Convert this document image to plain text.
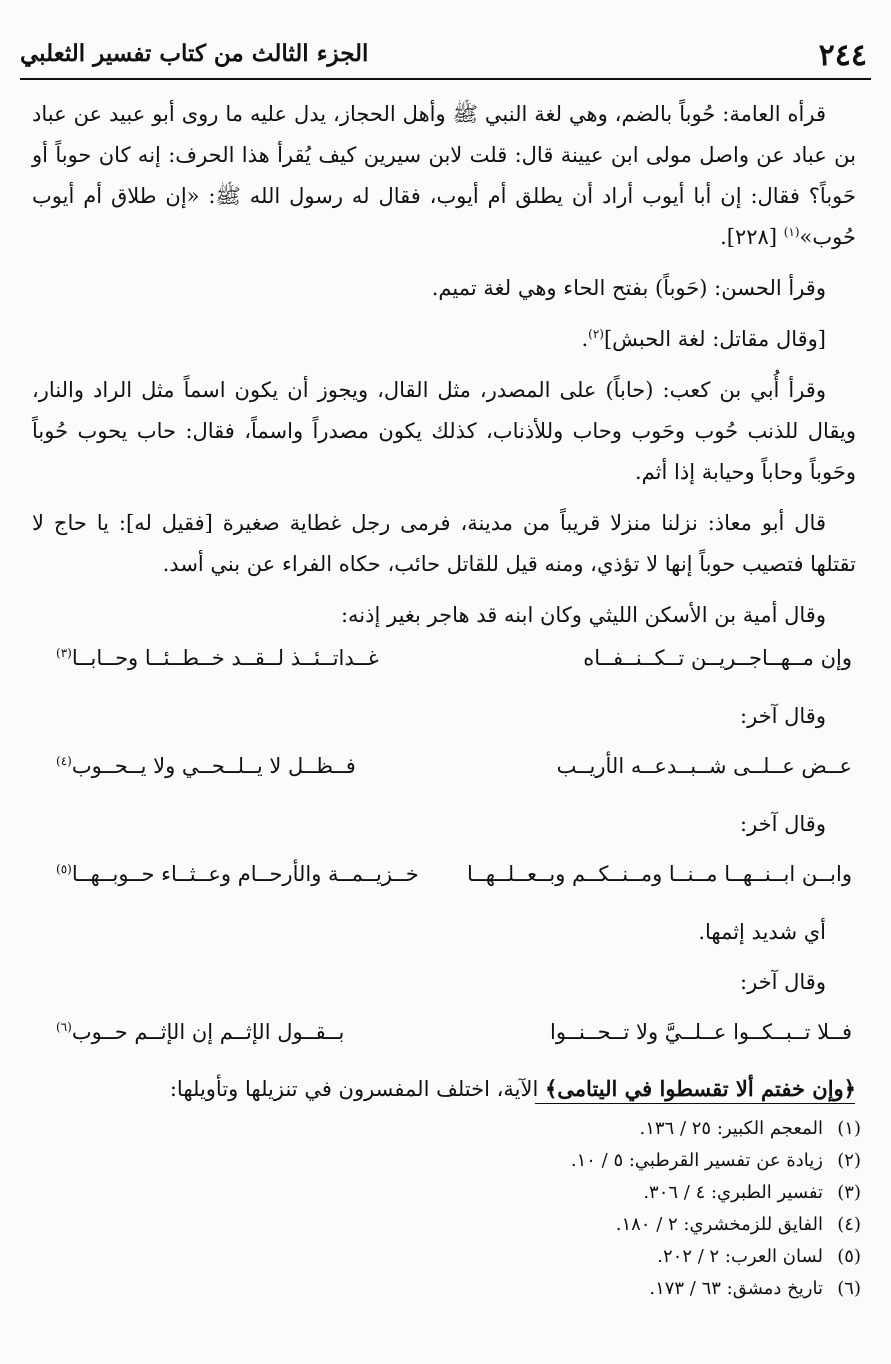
٢٤٤
الجزء الثالث من كتاب تفسير الثعلبي

قرأه العامة: حُوباً بالضم، وهي لغة النبي ﷺ وأهل الحجاز، يدل عليه ما روى أبو عبيد عن عباد بن عباد عن واصل مولى ابن عيينة قال: قلت لابن سيرين كيف يُقرأ هذا الحرف: إنه كان حوباً أو حَوباً؟ فقال: إن أبا أيوب أراد أن يطلق أم أيوب، فقال له رسول الله ﷺ: «إن طلاق أم أيوب حُوب»$^{(١)}$ [٢٢٨].

وقرأ الحسن: (حَوباً) بفتح الحاء وهي لغة تميم.

[وقال مقاتل: لغة الحبش]$^{(٢)}$.

وقرأ أُبي بن كعب: (حاباً) على المصدر، مثل القال، ويجوز أن يكون اسماً مثل الراد والنار، ويقال للذنب حُوب وحَوب وحاب وللأذناب، كذلك يكون مصدراً واسماً، فقال: حاب يحوب حُوباً وحَوباً وحاباً وحيابة إذا أثم.

قال أبو معاذ: نزلنا منزلا قريباً من مدينة، فرمى رجل غطاية صغيرة [فقيل له]: يا حاج لا تقتلها فتصيب حوباً إنها لا تؤذي، ومنه قيل للقاتل حائب، حكاه الفراء عن بني أسد.

وقال أمية بن الأسكن الليثي وكان ابنه قد هاجر بغير إذنه:

وإن مــهــاجــريــن تــكــنــفــاه
غــداتــئــذ لــقــد خــطــئــا وحــابــا$^{(٣)}$
وقال آخر:
عــض عــلــى شــبــدعــه الأريــب
فــظــل لا يــلــحــي ولا يــحــوب$^{(٤)}$
وقال آخر:
وابــن ابــنــهــا مــنــا ومــنــكــم وبــعــلــهــا
خــزيــمــة والأرحــام وعــثــاء حــوبــهــا$^{(٥)}$
أي شديد إثمها.
وقال آخر:
فــلا تــبــكــوا عــلــيَّ ولا تــحــنــوا
بــقــول الإثــم إن الإثــم حــوب$^{(٦)}$

﴿وإن خفتم ألا تقسطوا في اليتامى﴾ الآية، اختلف المفسرون في تنزيلها وتأويلها:

(١)المعجم الكبير: ٢٥ / ١٣٦.
(٢)زيادة عن تفسير القرطبي: ٥ / ١٠.
(٣)تفسير الطبري: ٤ / ٣٠٦.
(٤)الفايق للزمخشري: ٢ / ١٨٠.
(٥)لسان العرب: ٢ / ٢٠٢.
(٦)تاريخ دمشق: ٦٣ / ١٧٣.
